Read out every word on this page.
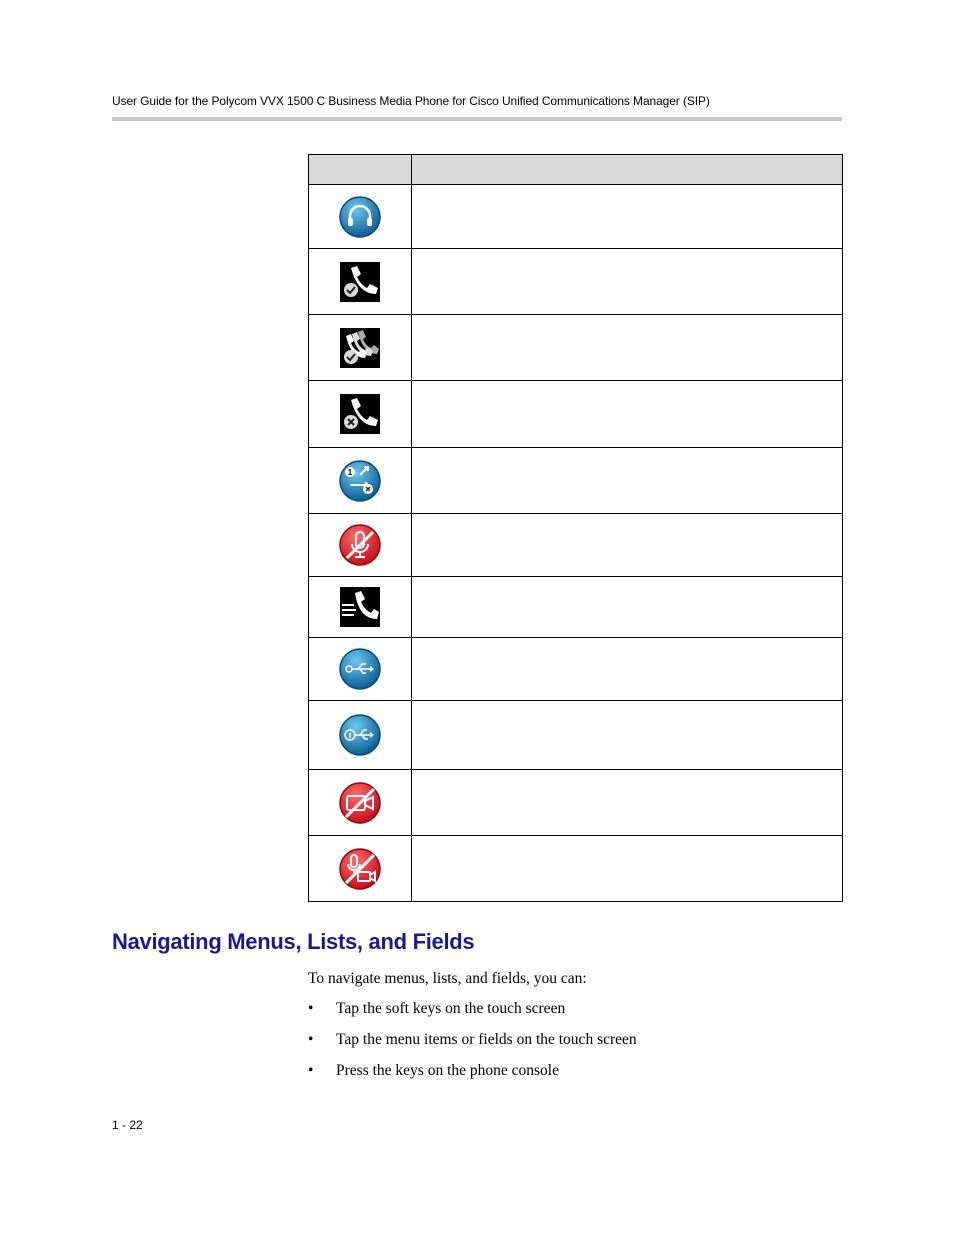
User Guide for the Polycom VVX 1500 C Business Media Phone for Cisco Unified Communications Manager (SIP)

1	

Navigating Menus, Lists, and Fields

To navigate menus, lists, and fields, you can:

• Tap the soft keys on the touch screen
• Tap the menu items or fields on the touch screen
• Press the keys on the phone console
1 - 22
